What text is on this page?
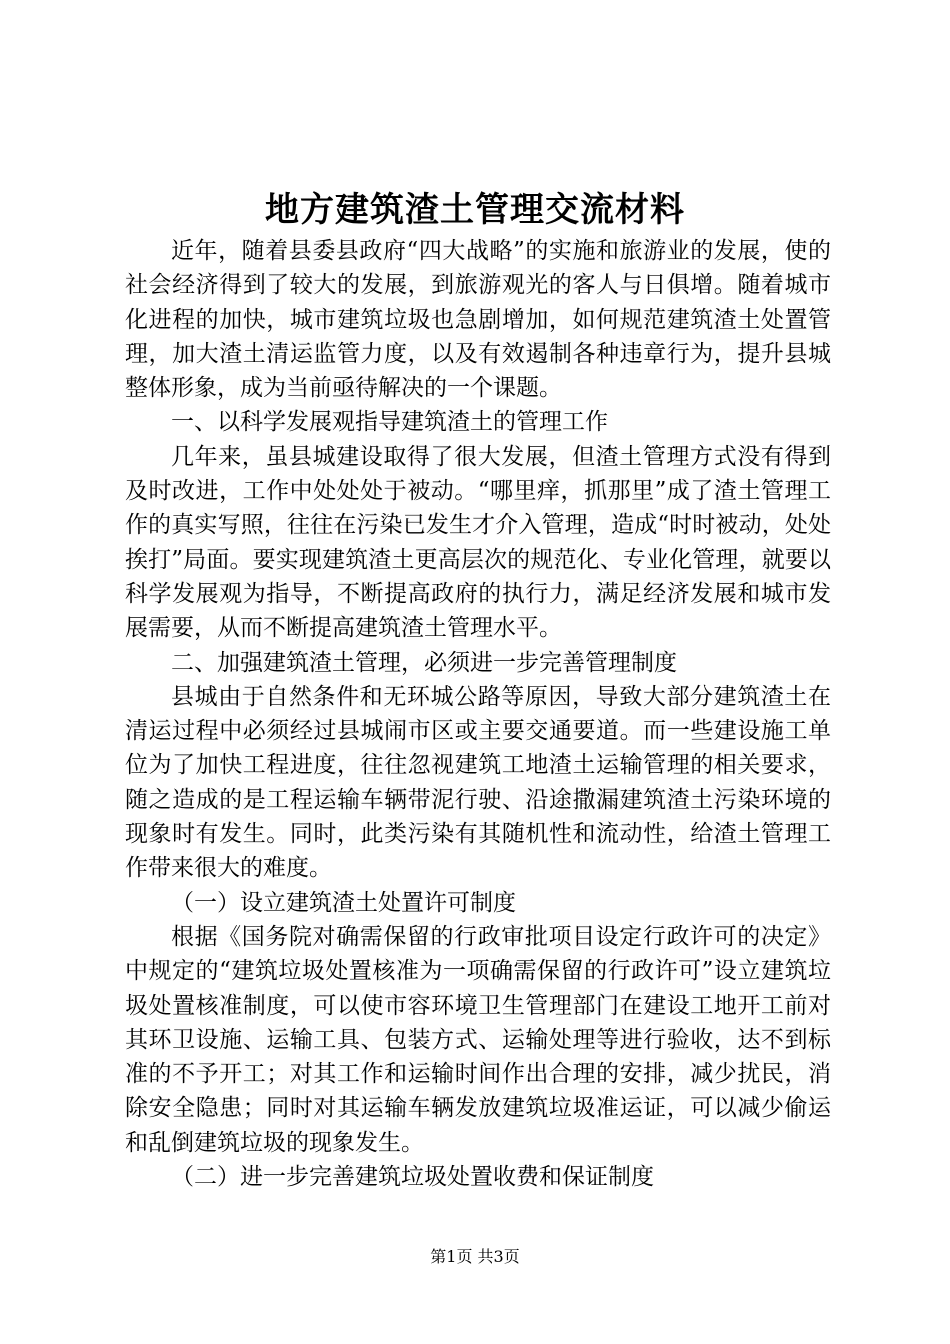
地方建筑渣土管理交流材料

近年，随着县委县政府“四大战略”的实施和旅游业的发展，使的社会经济得到了较大的发展，到旅游观光的客人与日俱增。随着城市化进程的加快，城市建筑垃圾也急剧增加，如何规范建筑渣土处置管理，加大渣土清运监管力度，以及有效遏制各种违章行为，提升县城整体形象，成为当前亟待解决的一个课题。

一、以科学发展观指导建筑渣土的管理工作

几年来，虽县城建设取得了很大发展，但渣土管理方式没有得到及时改进，工作中处处处于被动。“哪里痒，抓那里”成了渣土管理工作的真实写照，往往在污染已发生才介入管理，造成“时时被动，处处挨打”局面。要实现建筑渣土更高层次的规范化、专业化管理，就要以科学发展观为指导，不断提高政府的执行力，满足经济发展和城市发展需要，从而不断提高建筑渣土管理水平。

二、加强建筑渣土管理，必须进一步完善管理制度

县城由于自然条件和无环城公路等原因，导致大部分建筑渣土在清运过程中必须经过县城闹市区或主要交通要道。而一些建设施工单位为了加快工程进度，往往忽视建筑工地渣土运输管理的相关要求，随之造成的是工程运输车辆带泥行驶、沿途撒漏建筑渣土污染环境的现象时有发生。同时，此类污染有其随机性和流动性，给渣土管理工作带来很大的难度。

（一）设立建筑渣土处置许可制度

根据《国务院对确需保留的行政审批项目设定行政许可的决定》中规定的“建筑垃圾处置核准为一项确需保留的行政许可”设立建筑垃圾处置核准制度，可以使市容环境卫生管理部门在建设工地开工前对其环卫设施、运输工具、包装方式、运输处理等进行验收，达不到标准的不予开工；对其工作和运输时间作出合理的安排，减少扰民，消除安全隐患；同时对其运输车辆发放建筑垃圾准运证，可以减少偷运和乱倒建筑垃圾的现象发生。

（二）进一步完善建筑垃圾处置收费和保证制度

第1页 共3页
